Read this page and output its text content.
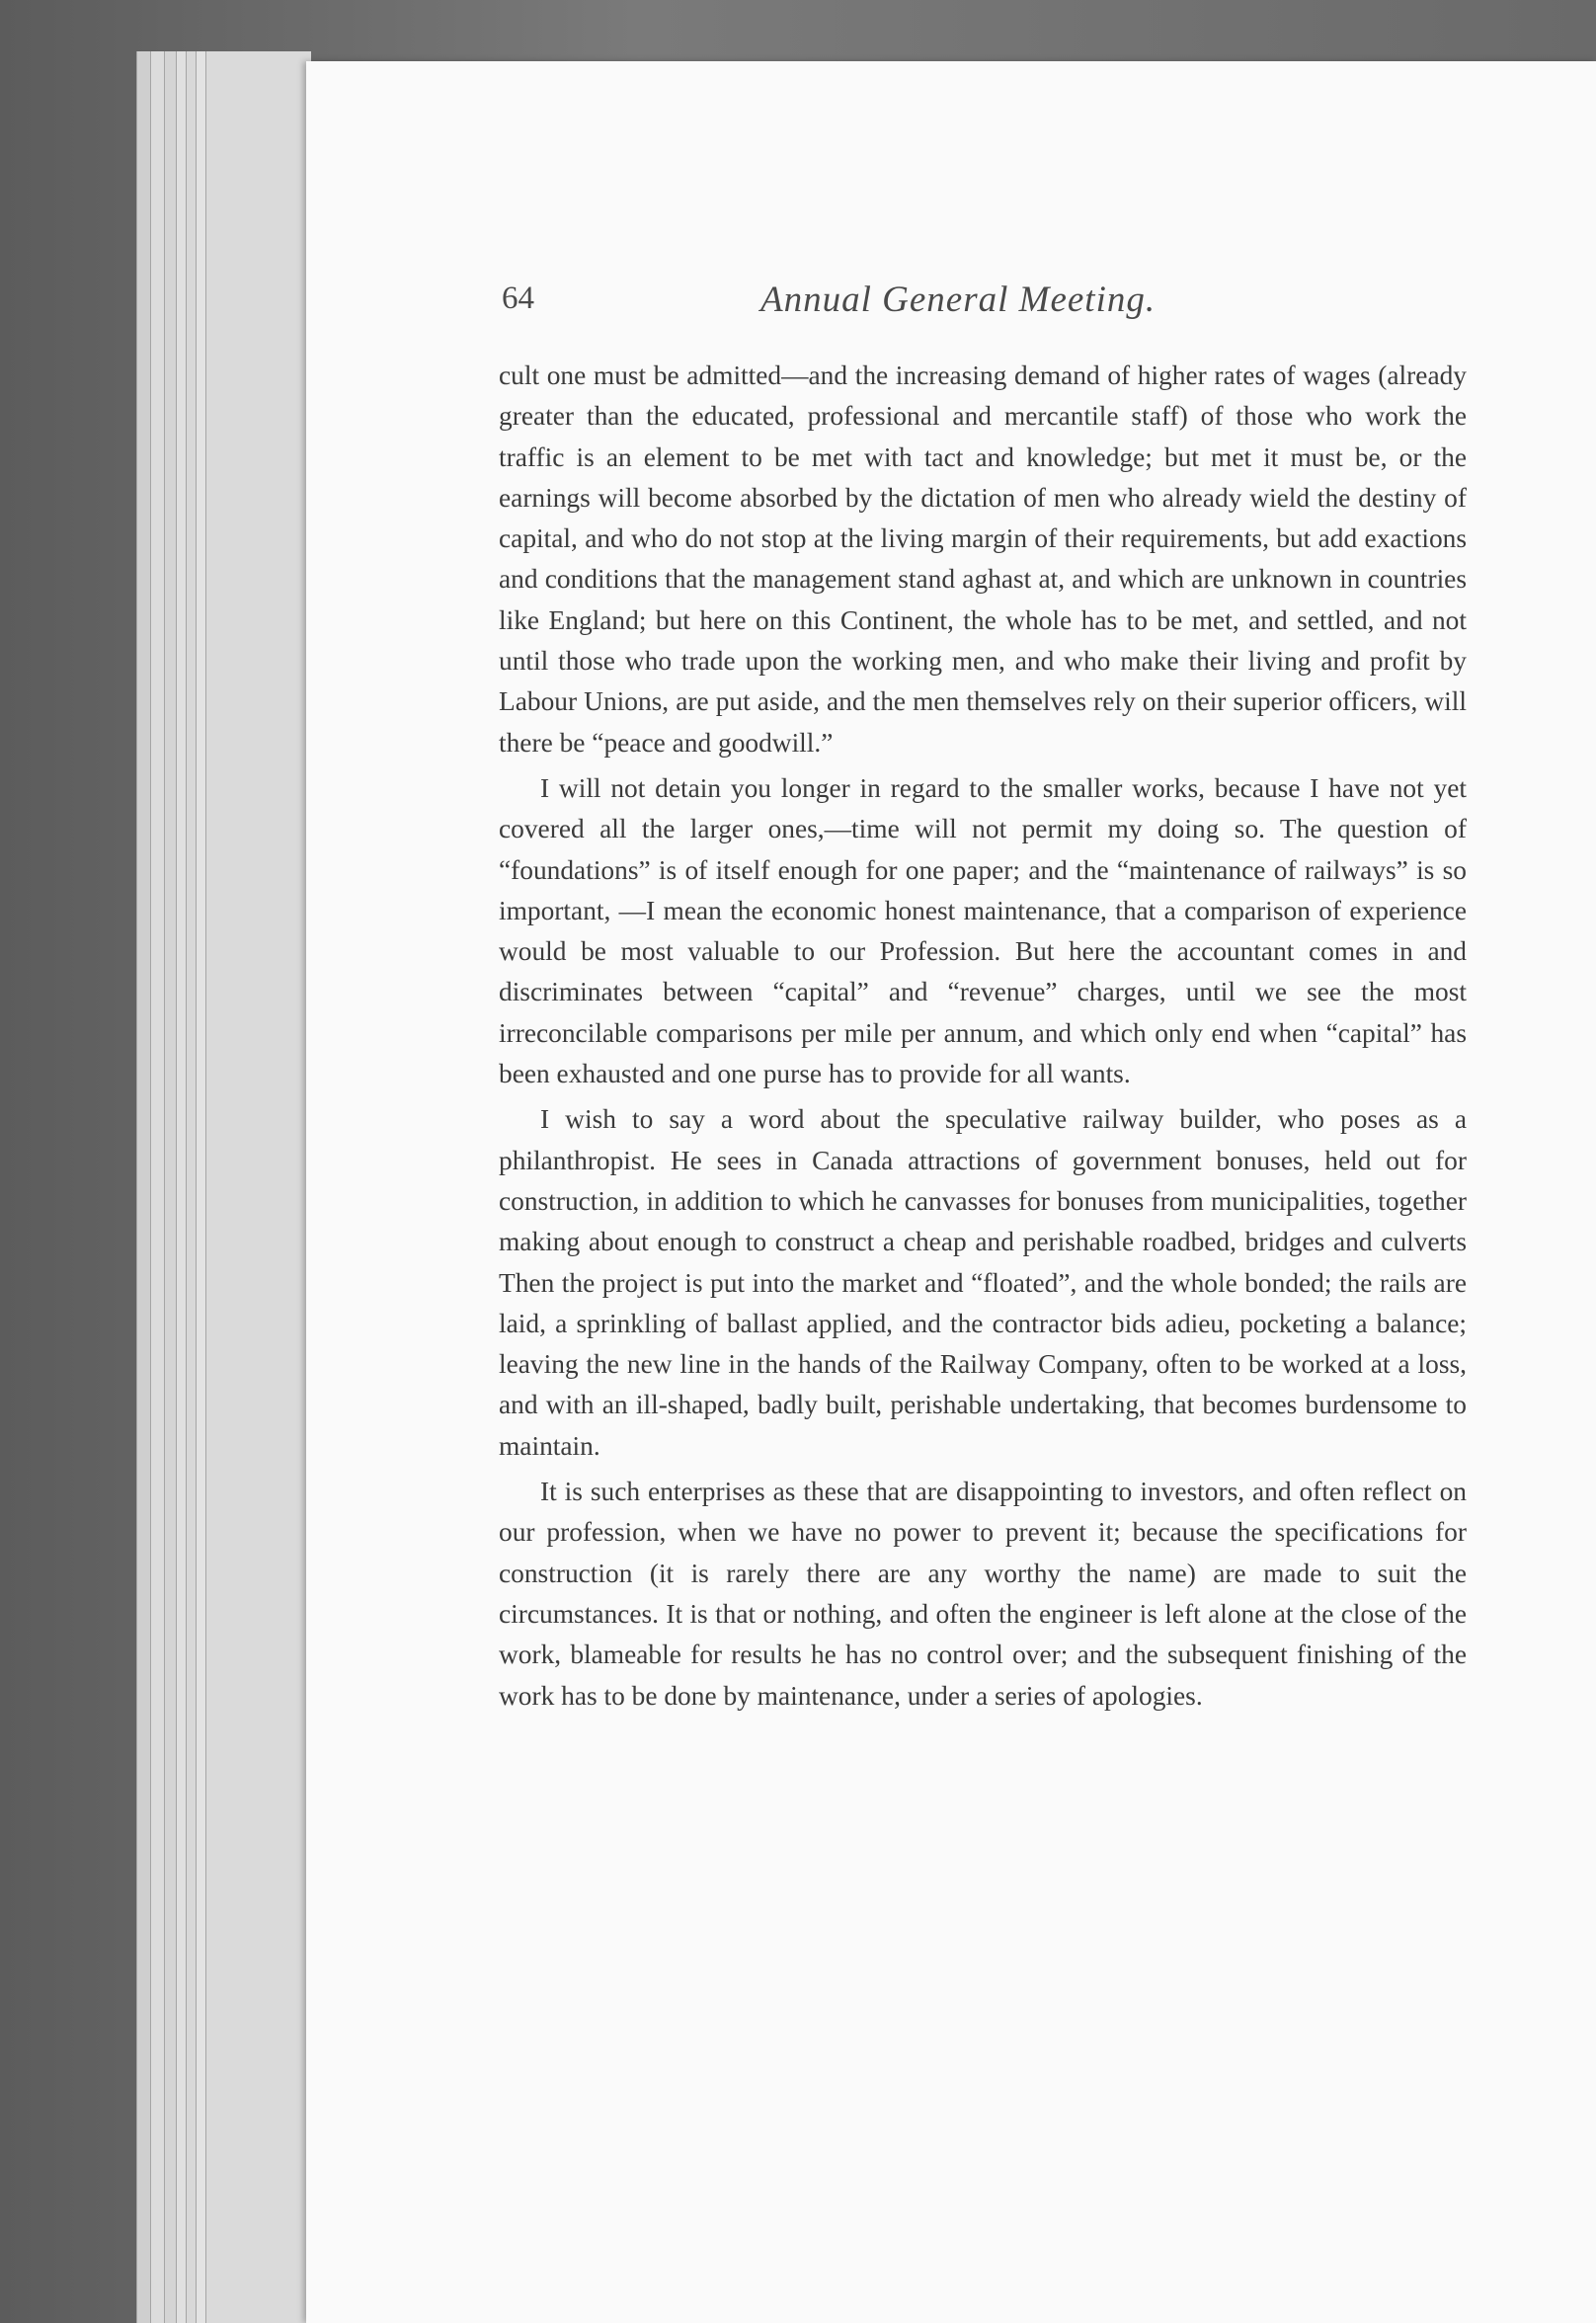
64	Annual General Meeting.

cult one must be admitted—and the increasing demand of higher rates of wages (already greater than the educated, professional and mercantile staff) of those who work the traffic is an element to be met with tact and knowledge; but met it must be, or the earnings will become absorbed by the dictation of men who already wield the destiny of capital, and who do not stop at the living margin of their requirements, but add exactions and conditions that the management stand aghast at, and which are unknown in countries like England; but here on this Continent, the whole has to be met, and settled, and not until those who trade upon the working men, and who make their living and profit by Labour Unions, are put aside, and the men themselves rely on their superior officers, will there be “peace and goodwill.”

I will not detain you longer in regard to the smaller works, because I have not yet covered all the larger ones,—time will not permit my doing so. The question of “foundations” is of itself enough for one paper; and the “maintenance of railways” is so important, —I mean the economic honest maintenance, that a comparison of experience would be most valuable to our Profession. But here the accountant comes in and discriminates between “capital” and “revenue” charges, until we see the most irreconcilable comparisons per mile per annum, and which only end when “capital” has been exhausted and one purse has to provide for all wants.

I wish to say a word about the speculative railway builder, who poses as a philanthropist. He sees in Canada attractions of government bonuses, held out for construction, in addition to which he canvasses for bonuses from municipalities, together making about enough to construct a cheap and perishable roadbed, bridges and culverts Then the project is put into the market and “floated”, and the whole bonded; the rails are laid, a sprinkling of ballast applied, and the contractor bids adieu, pocketing a balance; leaving the new line in the hands of the Railway Company, often to be worked at a loss, and with an ill-shaped, badly built, perishable undertaking, that becomes burdensome to maintain.

It is such enterprises as these that are disappointing to investors, and often reflect on our profession, when we have no power to prevent it; because the specifications for construction (it is rarely there are any worthy the name) are made to suit the circumstances. It is that or nothing, and often the engineer is left alone at the close of the work, blameable for results he has no control over; and the subsequent finishing of the work has to be done by maintenance, under a series of apologies.
